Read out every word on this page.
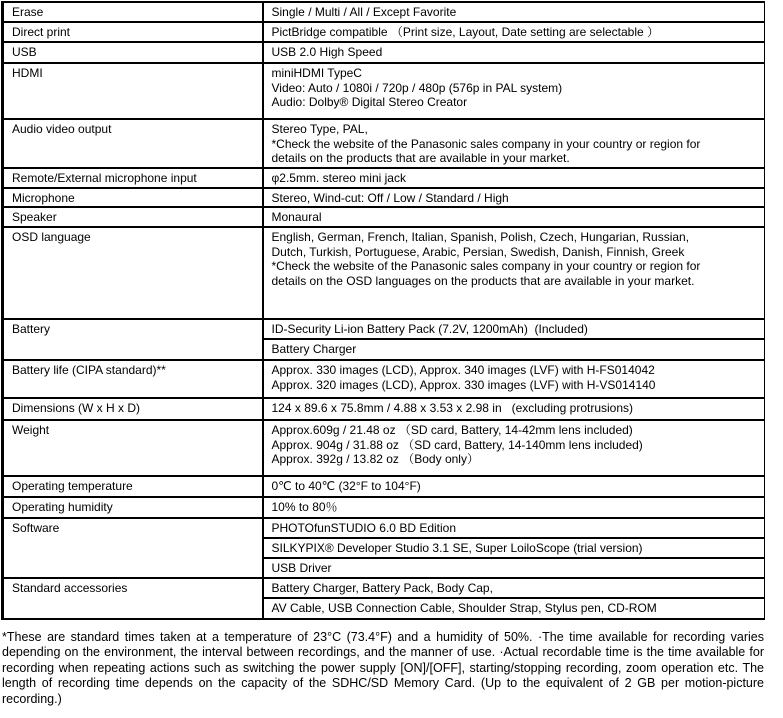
Erase	Single / Multi / All / Except Favorite

Direct print	PictBridge compatible （Print size, Layout, Date setting are selectable ）

USB	USB 2.0 High Speed

HDMI	miniHDMI TypeC
Video: Auto / 1080i / 720p / 480p (576p in PAL system)
Audio: Dolby® Digital Stereo Creator

Audio video output	Stereo Type, PAL,
*Check the website of the Panasonic sales company in your country or region for
details on the products that are available in your market.

Remote/External microphone input	φ2.5mm. stereo mini jack

Microphone	Stereo, Wind-cut: Off / Low / Standard / High

Speaker	Monaural

OSD language	English, German, French, Italian, Spanish, Polish, Czech, Hungarian, Russian,
Dutch, Turkish, Portuguese, Arabic, Persian, Swedish, Danish, Finnish, Greek
*Check the website of the Panasonic sales company in your country or region for
details on the OSD languages on the products that are available in your market.

Battery	ID-Security Li-ion Battery Pack (7.2V, 1200mAh)  (Included)

	Battery Charger

Battery life (CIPA standard)**	Approx. 330 images (LCD), Approx. 340 images (LVF) with H-FS014042
Approx. 320 images (LCD), Approx. 330 images (LVF) with H-VS014140

Dimensions (W x H x D)	124 x 89.6 x 75.8mm / 4.88 x 3.53 x 2.98 in   (excluding protrusions)

Weight	Approx.609g / 21.48 oz （SD card, Battery, 14-42mm lens included)
Approx. 904g / 31.88 oz （SD card, Battery, 14-140mm lens included)
Approx. 392g / 13.82 oz （Body only）

Operating temperature	0℃ to 40℃ (32°F to 104°F)

Operating humidity	10% to 80％

Software	PHOTOfunSTUDIO 6.0 BD Edition

	SILKYPIX® Developer Studio 3.1 SE, Super LoiloScope (trial version)

	USB Driver

Standard accessories	Battery Charger, Battery Pack, Body Cap,

	AV Cable, USB Connection Cable, Shoulder Strap, Stylus pen, CD-ROM
*These are standard times taken at a temperature of 23°C (73.4°F) and a humidity of 50%. ·The time available for recording varies depending on the environment, the interval between recordings, and the manner of use. ·Actual recordable time is the time available for recording when repeating actions such as switching the power supply [ON]/[OFF], starting/stopping recording, zoom operation etc. The length of recording time depends on the capacity of the SDHC/SD Memory Card. (Up to the equivalent of 2 GB per motion-picture recording.)
